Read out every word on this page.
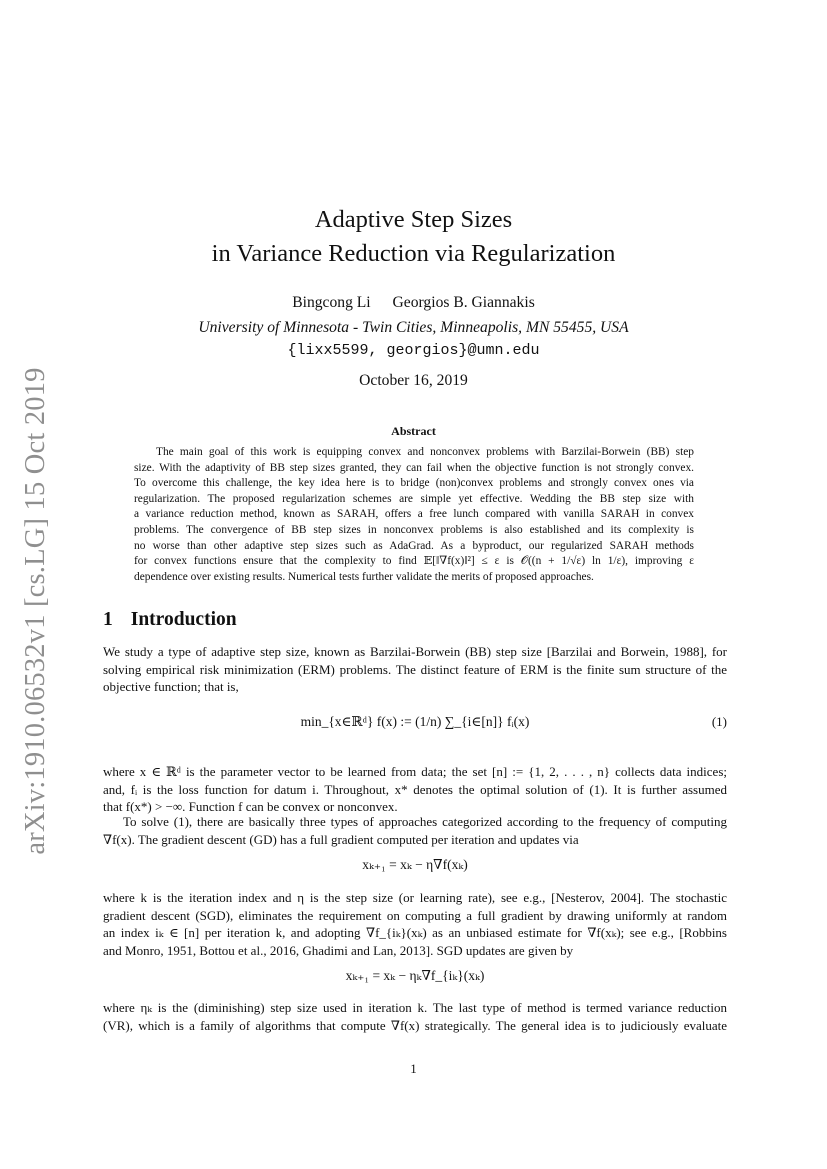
arXiv:1910.06532v1 [cs.LG] 15 Oct 2019
Adaptive Step Sizes
in Variance Reduction via Regularization
Bingcong Li Georgios B. Giannakis
University of Minnesota - Twin Cities, Minneapolis, MN 55455, USA
{lixx5599, georgios}@umn.edu
October 16, 2019
Abstract
The main goal of this work is equipping convex and nonconvex problems with Barzilai-Borwein (BB) step
size. With the adaptivity of BB step sizes granted, they can fail when the objective function is not strongly convex.
To overcome this challenge, the key idea here is to bridge (non)convex problems and strongly convex ones via
regularization. The proposed regularization schemes are simple yet effective. Wedding the BB step size with
a variance reduction method, known as SARAH, offers a free lunch compared with vanilla SARAH in convex
problems. The convergence of BB step sizes in nonconvex problems is also established and its complexity is
no worse than other adaptive step sizes such as AdaGrad. As a byproduct, our regularized SARAH methods
for convex functions ensure that the complexity to find 𝔼[‖∇f(x)‖²] ≤ ε is 𝒪((n + 1/√ε) ln 1/ε), improving ε
dependence over existing results. Numerical tests further validate the merits of proposed approaches.
1 Introduction
We study a type of adaptive step size, known as Barzilai-Borwein (BB) step size [Barzilai and Borwein, 1988], for
solving empirical risk minimization (ERM) problems. The distinct feature of ERM is the finite sum structure of the
objective function; that is,
min_{x∈ℝᵈ} f(x) := (1/n) ∑_{i∈[n]} fᵢ(x)	(1)
where x ∈ ℝᵈ is the parameter vector to be learned from data; the set [n] := {1, 2, . . . , n} collects data indices;
and, fᵢ is the loss function for datum i. Throughout, x* denotes the optimal solution of (1). It is further assumed
that f(x*) > −∞. Function f can be convex or nonconvex.
To solve (1), there are basically three types of approaches categorized according to the frequency of computing
∇f(x). The gradient descent (GD) has a full gradient computed per iteration and updates via
xₖ₊₁ = xₖ − η∇f(xₖ)
where k is the iteration index and η is the step size (or learning rate), see e.g., [Nesterov, 2004]. The stochastic
gradient descent (SGD), eliminates the requirement on computing a full gradient by drawing uniformly at random
an index iₖ ∈ [n] per iteration k, and adopting ∇f_{iₖ}(xₖ) as an unbiased estimate for ∇f(xₖ); see e.g., [Robbins
and Monro, 1951, Bottou et al., 2016, Ghadimi and Lan, 2013]. SGD updates are given by
xₖ₊₁ = xₖ − ηₖ∇f_{iₖ}(xₖ)
where ηₖ is the (diminishing) step size used in iteration k. The last type of method is termed variance reduction
(VR), which is a family of algorithms that compute ∇f(x) strategically. The general idea is to judiciously evaluate
1
